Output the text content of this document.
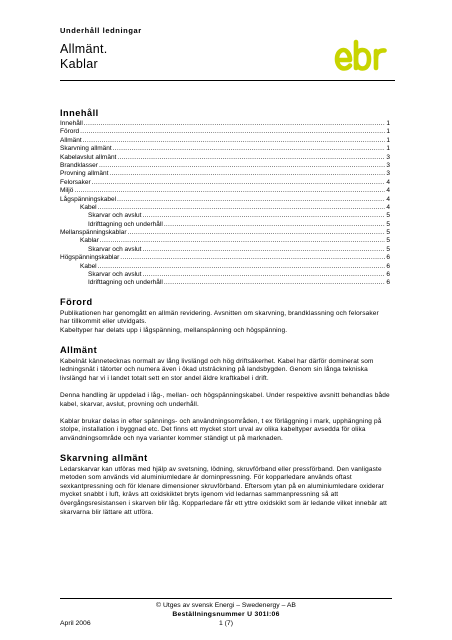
Underhåll ledningar
Allmänt.
Kablar
Innehåll
Innehåll .....	1
Förord .....	1
Allmänt .....	1
Skarvning allmänt .....	1
Kabelavslut allmänt .....	3
Brandklasser .....	3
Provning allmänt .....	3
Felorsaker .....	4
Miljö .....	4
Lågspänningskabel .....	4
Kabel .....	4
Skarvar och avslut .....	5
Idrifttagning och underhåll .....	5
Mellanspänningskablar .....	5
Kablar .....	5
Skarvar och avslut .....	5
Högspänningskablar .....	6
Kabel .....	6
Skarvar och avslut .....	6
Idrifttagning och underhåll .....	6
Förord

Publikationen har genomgått en allmän revidering. Avsnitten om skarvning, brandklassning och felorsaker har tillkommit eller utvidgats.
Kabeltyper har delats upp i lågspänning, mellanspänning och högspänning.

Allmänt

Kabelnät kännetecknas normalt av lång livslängd och hög driftsäkerhet. Kabel har därför dominerat som ledningsnät i tätorter och numera även i ökad utsträckning på landsbygden. Genom sin långa tekniska livslängd har vi i landet totalt sett en stor andel äldre kraftkabel i drift.

Denna handling är uppdelad i låg-, mellan- och högspänningskabel. Under respektive avsnitt behandlas både kabel, skarvar, avslut, provning och underhåll.

Kablar brukar delas in efter spännings- och användningsområden, t ex förläggning i mark, upphängning på stolpe, installation i byggnad etc. Det finns ett mycket stort urval av olika kabeltyper avsedda för olika användningsområde och nya varianter kommer ständigt ut på marknaden.

Skarvning allmänt

Ledarskarvar kan utföras med hjälp av svetsning, lödning, skruvförband eller pressförband. Den vanligaste metoden som används vid aluminiumledare är dorninpressning. För kopparledare används oftast sexkantpressning och för klenare dimensioner skruvförband. Eftersom ytan på en aluminiumledare oxiderar mycket snabbt i luft, krävs att oxidskiktet bryts igenom vid ledarnas sammanpressning så att övergångsresistansen i skarven blir låg. Kopparledare får ett yttre oxidskikt som är ledande vilket innebär att skarvarna blir lättare att utföra.

© Utges av svensk Energi – Swedenergy – AB
Beställningsnummer U 301l:06
April 2006	1 (7)
